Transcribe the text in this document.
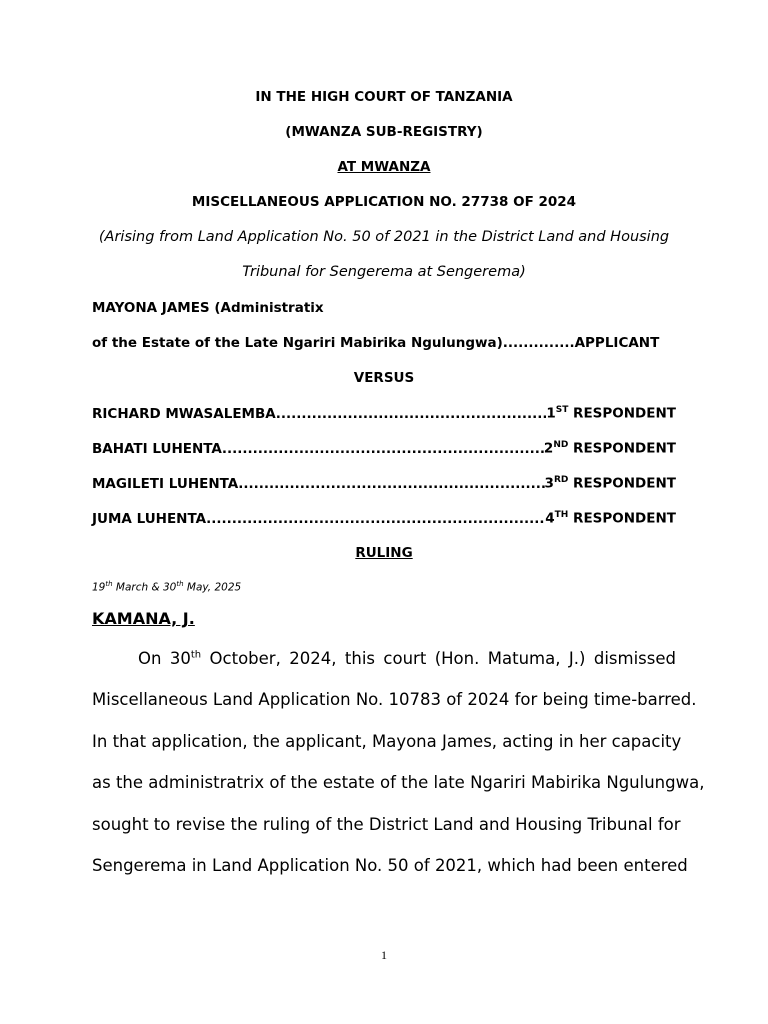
IN THE HIGH COURT OF TANZANIA
(MWANZA SUB-REGISTRY)
AT MWANZA
MISCELLANEOUS APPLICATION NO. 27738 OF 2024
(Arising from Land Application No. 50 of 2021 in the District Land and Housing
Tribunal for Sengerema at Sengerema)
MAYONA JAMES (Administratix
of the Estate of the Late Ngariri Mabirika Ngulungwa)..............APPLICANT
VERSUS
RICHARD MWASALEMBA .....	1ST RESPONDENT
BAHATI LUHENTA .....	2ND RESPONDENT
MAGILETI LUHENTA .....	3RD RESPONDENT
JUMA LUHENTA .....	4TH RESPONDENT
RULING
19th March & 30th May, 2025
KAMANA, J.
On 30th October, 2024, this court (Hon. Matuma, J.) dismissed
Miscellaneous Land Application No. 10783 of 2024 for being time-barred.
In that application, the applicant, Mayona James, acting in her capacity
as the administratrix of the estate of the late Ngariri Mabirika Ngulungwa,
sought to revise the ruling of the District Land and Housing Tribunal for
Sengerema in Land Application No. 50 of 2021, which had been entered
1
